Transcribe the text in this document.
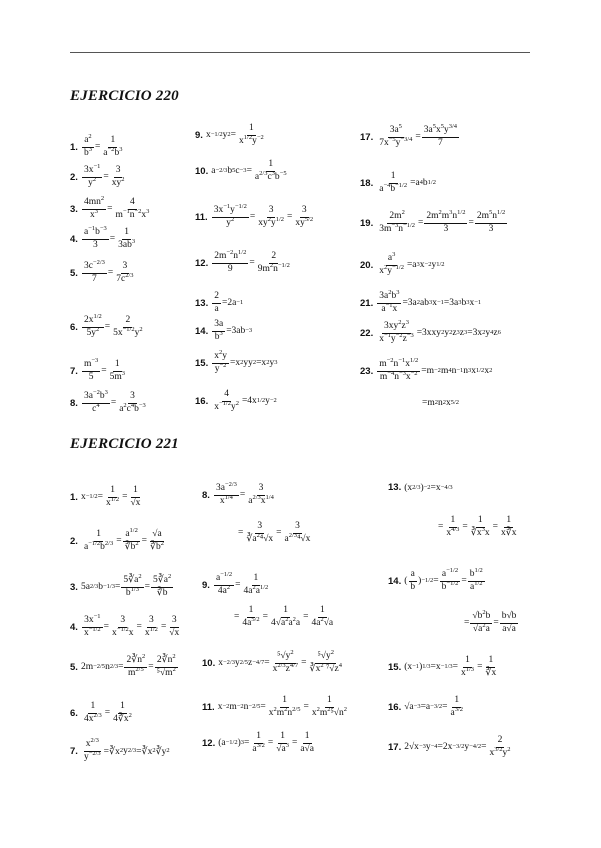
EJERCICIO 220
1.
$a^2$
$b^3$ =
1
$a^{-2}b^3$
2.
$3x^{-1}$
$y^2$ =
3
$xy^2$
3.
$4mn^2$
$x^3$ =
4
$m^{-1}n^{-2}x^3$
4.
$a^{-1}b^{-3}$
3
=
1
$3ab^3$
5.
$3c^{-2/3}$
7
=
3
$7c^{2/3}$
6.
$2x^{1/2}$
$5y^2$ =
2
$5x^{-1/2}y^2$
7.
$m^{-3}$
5
=
1
$5m^3$
8.
$3a^{-2}b^3$
$c^4$ =
3
$a^2c^4b^{-3}$
9. x −1/2 y 2 =
1
$x^{1/2}y^{-2}$
10. a −2/3 b 5 c −3 =
1
$a^{2/3}c^3b^{-5}$
11.
$3x^{-1}y^{-1/2}$
$y^2$ =
3
$xy^2y^{1/2}$ =
3
$xy^{5/2}$
12.
$2m^{-2}n^{1/2}$
9
=
2
$9m^2n^{-1/2}$
13.
2
a
=2a −1
14.
3a
$b^3 =3ab -3$
15.
$x^2y$
$y^{-2} =x$ 2 yy 2 =x 2 y 3
16.
4
$x^{-1/2}y^2 =4x$ 1/2 y −2
17.
$3a^5$
$7x^{-5}y^{-3/4}$ =
$3a^5x^5y^{3/4}$
7
18.
1
$a^{-4}b^{-1/2} =a$ 4 b 1/2
19.
$2m^2$
$3m^{-3}n^{-1/2}$ =
$2m^2m^3n^{1/2}$
3
=
$2m^5n^{1/2}$
3
20.
$a^3$
$x^2y^{-1/2} =a$ 3 x −2 y 1/2
21.
$3a^2b^3$
$a^{-1}x$
=3a 2 ab 3 x −1 =3a 3 b 3 x −1
22.
$3xy^2z^3$
$x^{-1}y^{-2}z^{-3} =3xxy$ 2 y 2 z 3 z 3 =3x 2 y 4 z 6
23.
$m^{-2}n^{-1}x^{1/2}$
$m^{-4}n^{-3}x^{-2} =m -2$ m 4 n −1 n 3 x 1/2 x 2
=m 2 n 2 x 5/2
EJERCICIO 221
1. x −1/2 =
1
$x^{1/2}$ =
1
√x
2.
1
$a^{-1/2}b^{2/3}$ =
$a^{1/2}$
$∛b^2$ =
√a
$∛b^2$
3. 5a 2/3 b −1/3 =
$5∛a^2$
$b^{1/3}$ =
$5∛a^2$
∛b
4.
$3x^{-1}$
$x^{-1/2}$ =
3
$x^{-1/2}x$
=
3
$x^{1/2}$ =
3
√x
5. 2m −2/5 n 2/3 =
$2∛n^2$
$m^{2/5}$ =
$2∛n^2$
$^5√m^2$
6.
1
$4x^{2/3}$ =
1
$4∛x^2$
7.
$x^{2/3}$
$y^{-2/3}$ =∛x 2 y 2/3 =∛x 2 ∛y 2
8.
$3a^{-2/3}$
$x^{1/4}$ =
3
$a^{2/3}x^{1/4}$
=
3
$∛a^2^4√x$
=
3
$a^{2/3}^4√x$
9.
$a^{-1/2}$
$4a^2$ =
1
$4a^2a^{1/2}$
=
1
$4a^{5/2}$ =
1
$4√a^2a^2a$
=
1
$4a^2√a$
10. x −2/3 y 2/5 z −4/7 =
$^5√y^2$
$x^{2/3}z^{4/7}$ =
$^5√y^2$
$∛x^2$ $^7√z^4$
11. x −2 m −2 n −2/5 =
1
$x^2m^2n^{2/5}$ =
1
$x^2m^2^5√n^2$
12. (a −1/2 ) 3 =
1
$a^{3/2}$ =
1
$√a^3$ =
1
a√a
13. (x 2/3 ) −2 =x −4/3
=
1
$x^{4/3}$ =
1
$∛x^3x$
=
1
x∛x
14. (
a
b
) −1/2 =
$a^{-1/2}$
$b^{-1/2}$ =
$b^{1/2}$
$a^{1/2}$
=
$√b^2b$
$√a^2a$
=
b√b
a√a
15. (x −1 ) 1/3 =x −1/3 =
1
$x^{1/3}$ =
1
∛x
16. √a −3 =a −3/2 =
1
$a^{3/2}$
17. 2√x −3 y −4 =2x −3/2 y −4/2 =
2
$x^{3/2}y^2$
